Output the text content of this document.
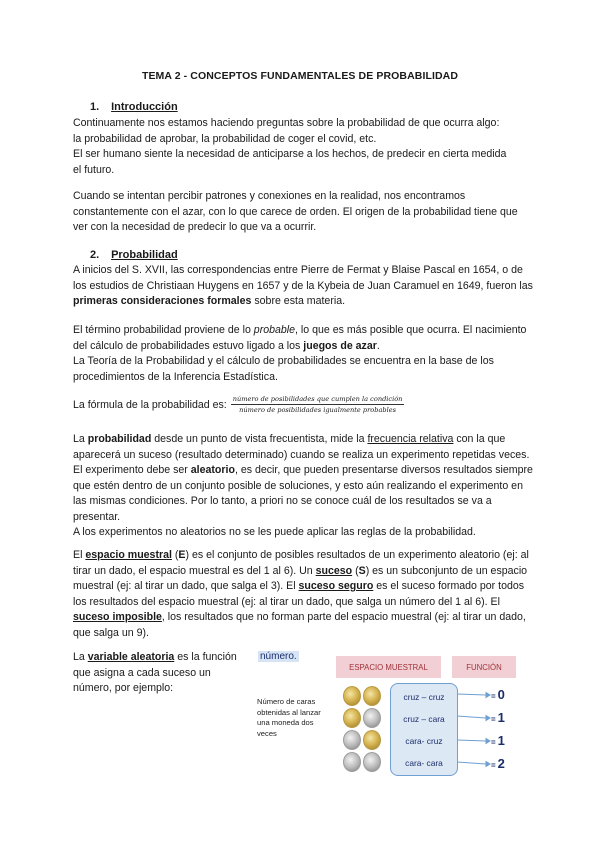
TEMA 2 - CONCEPTOS FUNDAMENTALES DE PROBABILIDAD
1. Introducción
Continuamente nos estamos haciendo preguntas sobre la probabilidad de que ocurra algo:
la probabilidad de aprobar, la probabilidad de coger el covid, etc.
El ser humano siente la necesidad de anticiparse a los hechos, de predecir en cierta medida
el futuro.

Cuando se intentan percibir patrones y conexiones en la realidad, nos encontramos constantemente con el azar, con lo que carece de orden. El origen de la probabilidad tiene que ver con la necesidad de predecir lo que va a ocurrir.

2. Probabilidad

A inicios del S. XVII, las correspondencias entre Pierre de Fermat y Blaise Pascal en 1654, o de los estudios de Christiaan Huygens en 1657 y de la Kybeia de Juan Caramuel en 1649, fueron las primeras consideraciones formales sobre esta materia.

El término probabilidad proviene de lo probable, lo que es más posible que ocurra. El nacimiento del cálculo de probabilidades estuvo ligado a los juegos de azar.
La Teoría de la Probabilidad y el cálculo de probabilidades se encuentra en la base de los procedimientos de la Inferencia Estadística.

La fórmula de la probabilidad es: $\frac{\text{número de posibilidades que cumplen la condición}}{\text{número de posibilidades igualmente probables}}$

La probabilidad desde un punto de vista frecuentista, mide la frecuencia relativa con la que aparecerá un suceso (resultado determinado) cuando se realiza un experimento repetidas veces. El experimento debe ser aleatorio, es decir, que pueden presentarse diversos resultados siempre que estén dentro de un conjunto posible de soluciones, y esto aún realizando el experimento en las mismas condiciones. Por lo tanto, a priori no se conoce cuál de los resultados se va a presentar.
A los experimentos no aleatorios no se les puede aplicar las reglas de la probabilidad.

El espacio muestral (E) es el conjunto de posibles resultados de un experimento aleatorio (ej: al tirar un dado, el espacio muestral es del 1 al 6). Un suceso (S) es un subconjunto de un espacio muestral (ej: al tirar un dado, que salga el 3). El suceso seguro es el suceso formado por todos los resultados del espacio muestral (ej: al tirar un dado, que salga un número del 1 al 6). El suceso imposible, los resultados que no forman parte del espacio muestral (ej: al tirar un dado, que salga un 9).

La variable aleatoria es la función que asigna a cada suceso un número, por ejemplo:
número.
ESPACIO MUESTRAL	FUNCIÓN
Número de caras obtenidas al lanzar una moneda dos veces
cruz – cruz
cruz – cara
cara- cruz
cara- cara
= 0
= 1
= 1
= 2
